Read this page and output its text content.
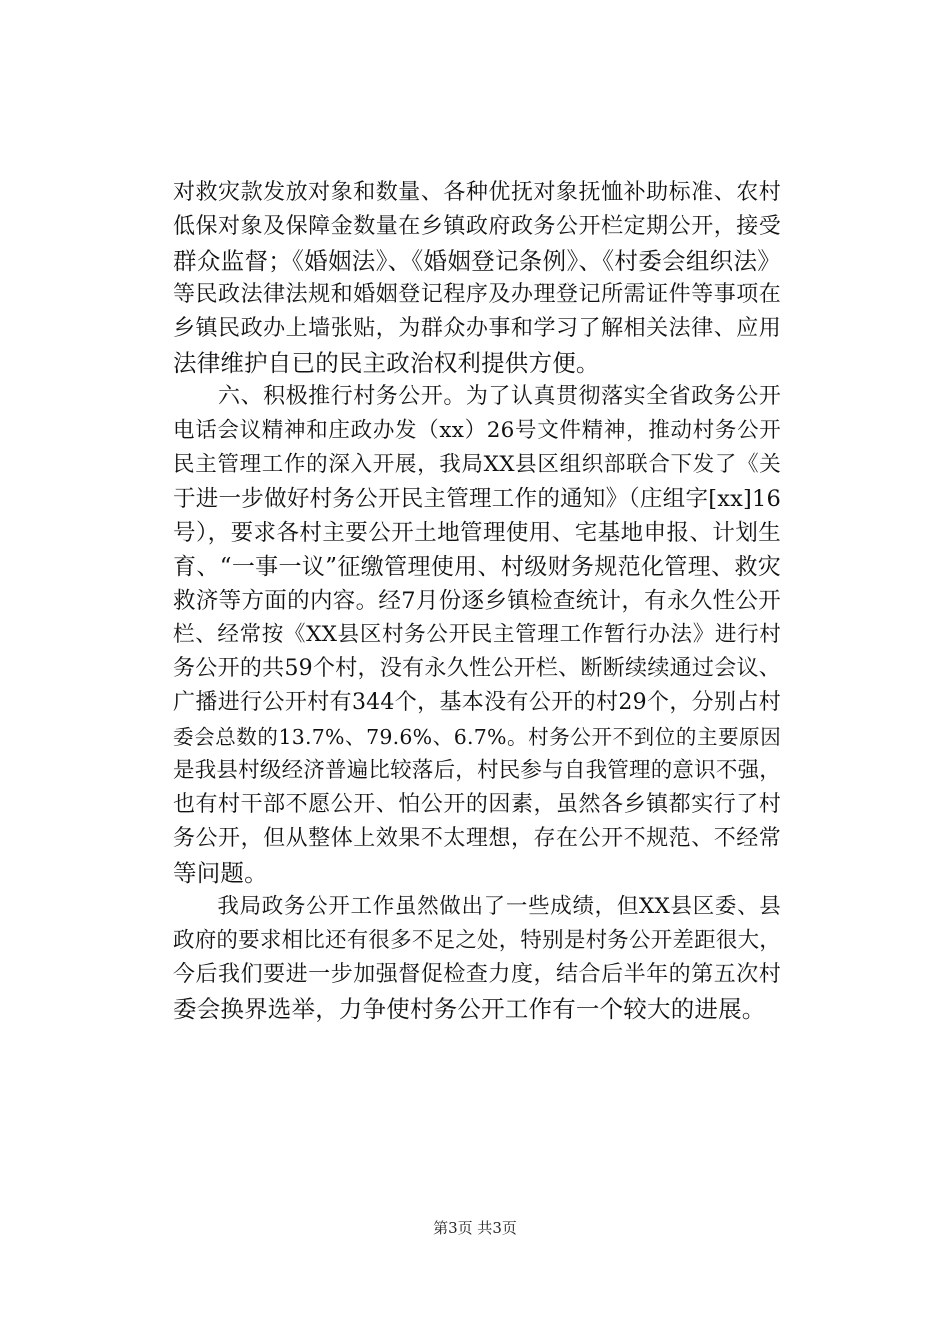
对救灾款发放对象和数量、各种优抚对象抚恤补助标准、农村
低保对象及保障金数量在乡镇政府政务公开栏定期公开，接受
群众监督；《婚姻法》、《婚姻登记条例》、《村委会组织法》
等民政法律法规和婚姻登记程序及办理登记所需证件等事项在
乡镇民政办上墙张贴，为群众办事和学习了解相关法律、应用
法律维护自已的民主政治权利提供方便。
　　六、积极推行村务公开。为了认真贯彻落实全省政务公开
电话会议精神和庄政办发（xx）26号文件精神，推动村务公开
民主管理工作的深入开展，我局XX县区组织部联合下发了《关
于进一步做好村务公开民主管理工作的通知》（庄组字[xx]16
号），要求各村主要公开土地管理使用、宅基地申报、计划生
育、“一事一议”征缴管理使用、村级财务规范化管理、救灾
救济等方面的内容。经7月份逐乡镇检查统计，有永久性公开
栏、经常按《XX县区村务公开民主管理工作暂行办法》进行村
务公开的共59个村，没有永久性公开栏、断断续续通过会议、
广播进行公开村有344个，基本没有公开的村29个，分别占村
委会总数的13.7%、79.6%、6.7%。村务公开不到位的主要原因
是我县村级经济普遍比较落后，村民参与自我管理的意识不强，
也有村干部不愿公开、怕公开的因素，虽然各乡镇都实行了村
务公开，但从整体上效果不太理想，存在公开不规范、不经常
等问题。
　　我局政务公开工作虽然做出了一些成绩，但XX县区委、县
政府的要求相比还有很多不足之处，特别是村务公开差距很大，
今后我们要进一步加强督促检查力度，结合后半年的第五次村
委会换界选举，力争使村务公开工作有一个较大的进展。
第3页 共3页
